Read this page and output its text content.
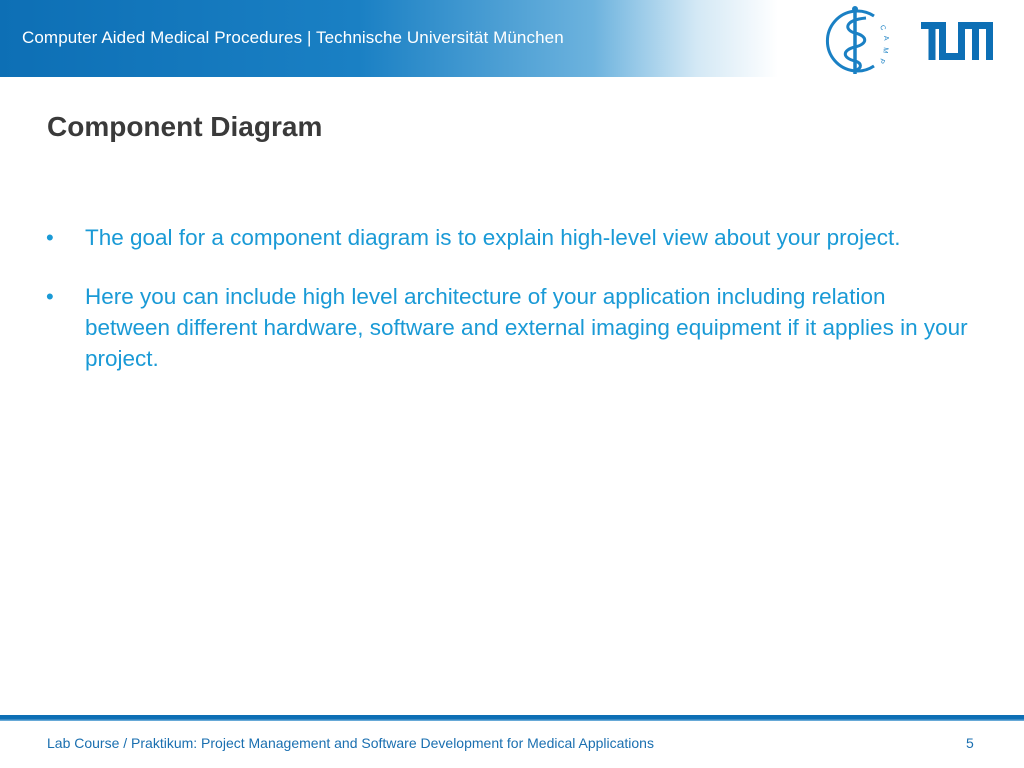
Computer Aided Medical Procedures | Technische Universität München
C
A
M
P
Component Diagram
• The goal for a component diagram is to explain high-level view about your project.
• Here you can include high level architecture of your application including relation between different hardware, software and external imaging equipment if it applies in your project.
Lab Course / Praktikum: Project Management and Software Development for Medical Applications	5
